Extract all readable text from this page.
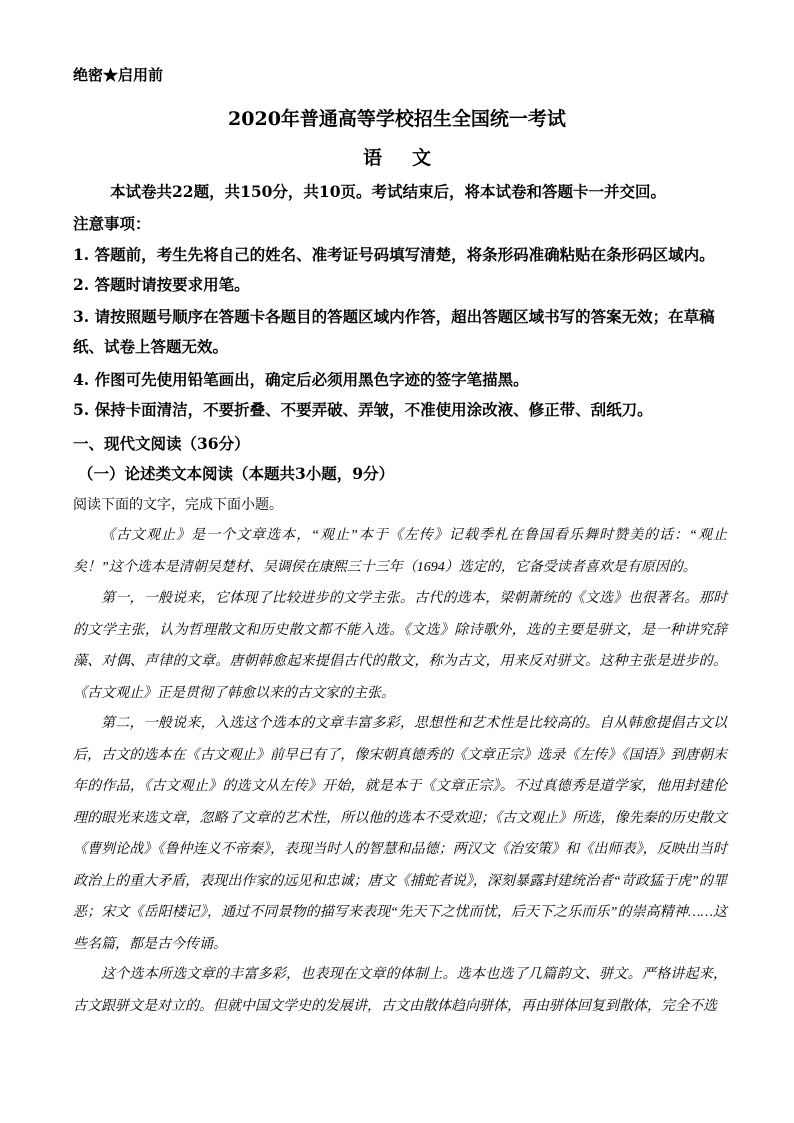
绝密★启用前
2020年普通高等学校招生全国统一考试
语文
本试卷共22题，共150分，共10页。考试结束后，将本试卷和答题卡一并交回。
注意事项：
1. 答题前，考生先将自己的姓名、准考证号码填写清楚，将条形码准确粘贴在条形码区域内。
2. 答题时请按要求用笔。
3. 请按照题号顺序在答题卡各题目的答题区域内作答，超出答题区域书写的答案无效；在草稿纸、试卷上答题无效。
4. 作图可先使用铅笔画出，确定后必须用黑色字迹的签字笔描黑。
5. 保持卡面清洁，不要折叠、不要弄破、弄皱，不准使用涂改液、修正带、刮纸刀。
一、现代文阅读（36分）
（一）论述类文本阅读（本题共3小题，9分）
阅读下面的文字，完成下面小题。
《古文观止》是一个文章选本，“观止”本于《左传》记载季札在鲁国看乐舞时赞美的话：“观止矣！”这个选本是清朝吴楚材、吴调侯在康熙三十三年（1694）选定的，它备受读者喜欢是有原因的。
第一，一般说来，它体现了比较进步的文学主张。古代的选本，梁朝萧统的《文选》也很著名。那时的文学主张，认为哲理散文和历史散文都不能入选。《文选》除诗歌外，选的主要是骈文，是一种讲究辞藻、对偶、声律的文章。唐朝韩愈起来提倡古代的散文，称为古文，用来反对骈文。这种主张是进步的。《古文观止》正是贯彻了韩愈以来的古文家的主张。
第二，一般说来，入选这个选本的文章丰富多彩，思想性和艺术性是比较高的。自从韩愈提倡古文以后，古文的选本在《古文观止》前早已有了，像宋朝真德秀的《文章正宗》选录《左传》《国语》到唐朝末年的作品，《古文观止》的选文从左传》开始，就是本于《文章正宗》。不过真德秀是道学家，他用封建伦理的眼光来选文章，忽略了文章的艺术性，所以他的选本不受欢迎；《古文观止》所选，像先秦的历史散文《曹刿论战》《鲁仲连义不帝秦》，表现当时人的智慧和品德；两汉文《治安策》和《出师表》，反映出当时政治上的重大矛盾，表现出作家的远见和忠诚；唐文《捕蛇者说》，深刻暴露封建统治者“苛政猛于虎”的罪恶；宋文《岳阳楼记》，通过不同景物的描写来表现“先天下之忧而忧，后天下之乐而乐”的崇高精神……这些名篇，都是古今传诵。
这个选本所选文章的丰富多彩，也表现在文章的体制上。选本也选了几篇韵文、骈文。严格讲起来，古文跟骈文是对立的。但就中国文学史的发展讲，古文由散体趋向骈体，再由骈体回复到散体，完全不选
